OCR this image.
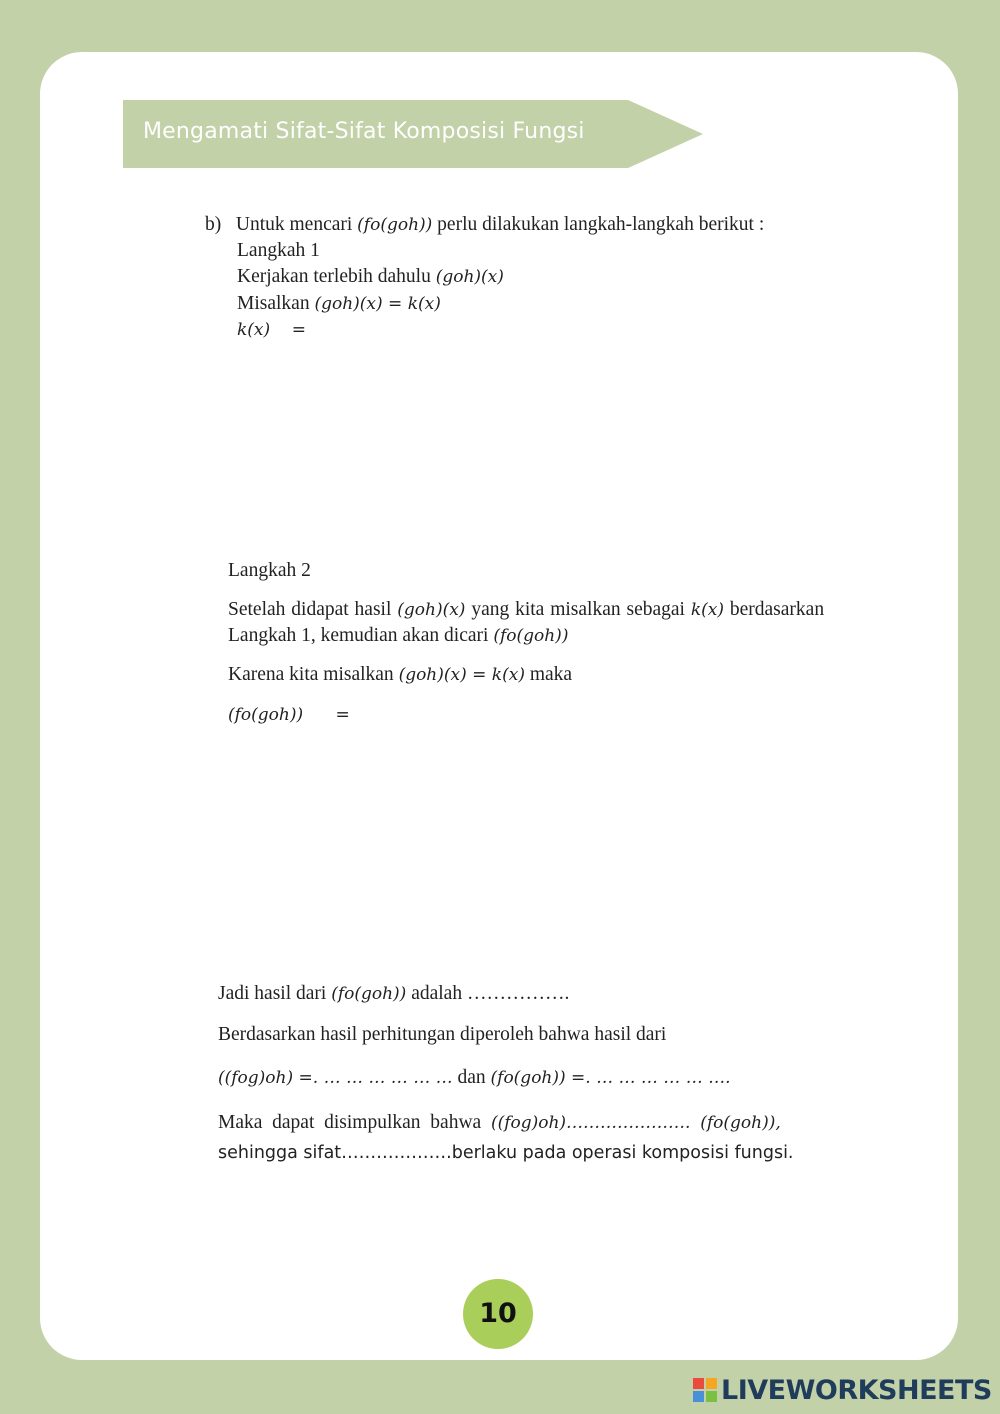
Mengamati Sifat-Sifat Komposisi Fungsi
b) Untuk mencari (fo(goh)) perlu dilakukan langkah-langkah berikut :
Langkah 1
Kerjakan terlebih dahulu (goh)(x)
Misalkan (goh)(x) = k(x)
k(x)    =
Langkah 2
Setelah didapat hasil (goh)(x) yang kita misalkan sebagai k(x) berdasarkan
Langkah 1, kemudian akan dicari (fo(goh))
Karena kita misalkan (goh)(x) = k(x) maka
(fo(goh))      =
Jadi hasil dari (fo(goh)) adalah …………….
Berdasarkan hasil perhitungan diperoleh bahwa hasil dari
((fog)oh) =. … … … … … … dan (fo(goh)) =. … … … … … ….
Maka  dapat  disimpulkan  bahwa ((fog)oh)…………………. (fo(goh)),
sehingga sifat……………….berlaku pada operasi komposisi fungsi.
10
LIVEWORKSHEETS
